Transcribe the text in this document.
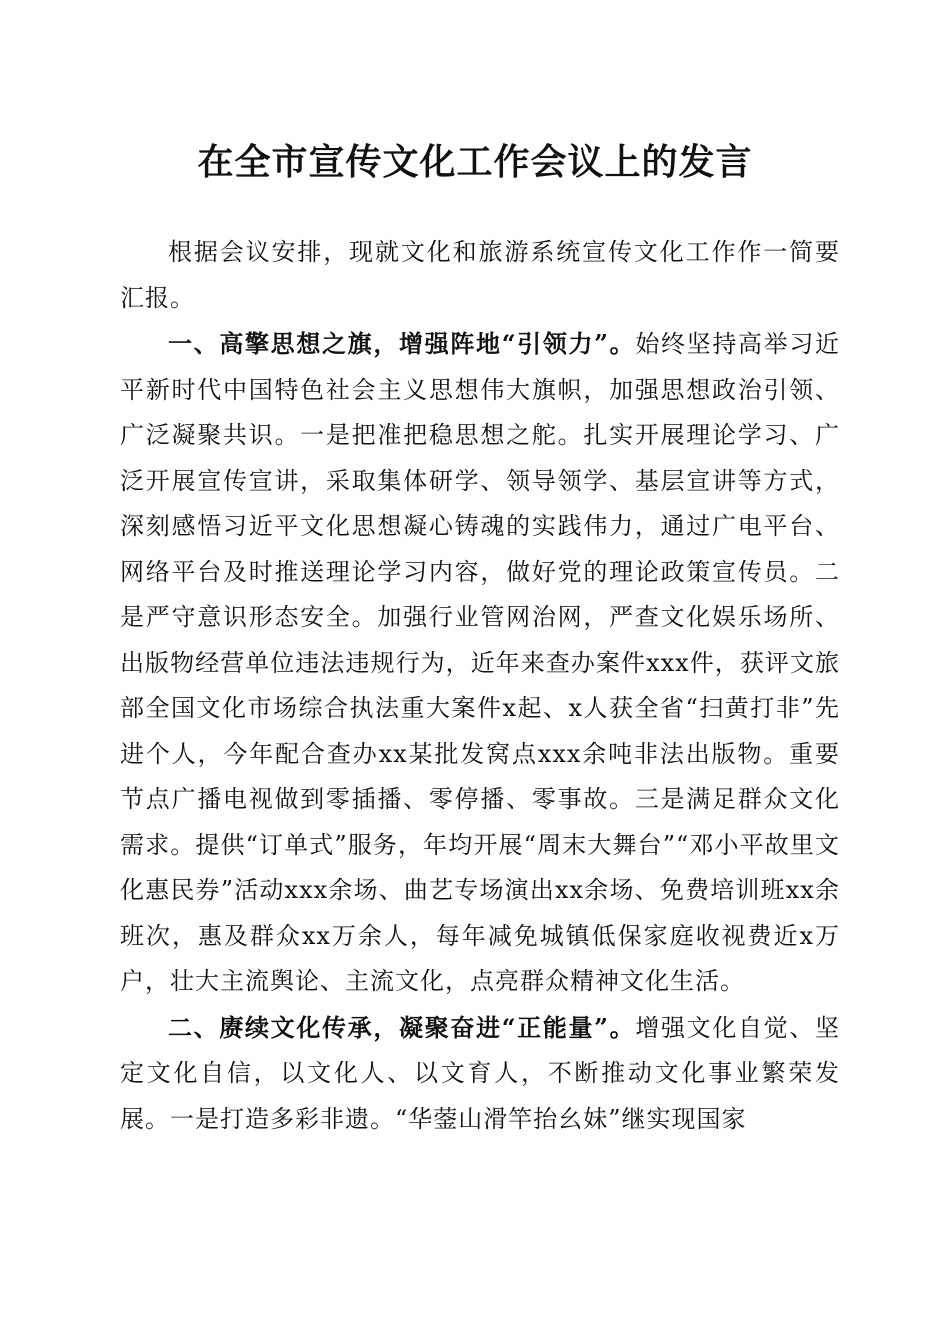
在全市宣传文化工作会议上的发言

根据会议安排，现就文化和旅游系统宣传文化工作作一简要汇报。

一、高擎思想之旗，增强阵地“引领力”。始终坚持高举习近平新时代中国特色社会主义思想伟大旗帜，加强思想政治引领、广泛凝聚共识。一是把准把稳思想之舵。扎实开展理论学习、广泛开展宣传宣讲，采取集体研学、领导领学、基层宣讲等方式，深刻感悟习近平文化思想凝心铸魂的实践伟力，通过广电平台、网络平台及时推送理论学习内容，做好党的理论政策宣传员。二是严守意识形态安全。加强行业管网治网，严查文化娱乐场所、出版物经营单位违法违规行为，近年来查办案件xxx件，获评文旅部全国文化市场综合执法重大案件x起、x人获全省“扫黄打非”先进个人，今年配合查办xx某批发窝点xxx余吨非法出版物。重要节点广播电视做到零插播、零停播、零事故。三是满足群众文化需求。提供“订单式”服务，年均开展“周末大舞台”“邓小平故里文化惠民券”活动xxx余场、曲艺专场演出xx余场、免费培训班xx余班次，惠及群众xx万余人，每年减免城镇低保家庭收视费近x万户，壮大主流舆论、主流文化，点亮群众精神文化生活。

二、赓续文化传承，凝聚奋进“正能量”。增强文化自觉、坚定文化自信，以文化人、以文育人，不断推动文化事业繁荣发展。一是打造多彩非遗。“华蓥山滑竿抬幺妹”继实现国家
